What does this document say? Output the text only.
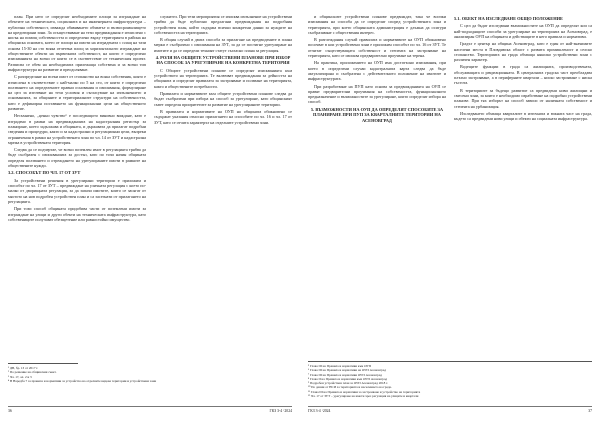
план. При него се определят необходимите площи за изграждане на обектите на техническата, социалната и на инженерната инфраструктура – публична собственост, изважда обявяването обхватът и възвосроявалището на кредитирани зони. За осъществяване на тези предвиждания е изчислено с нисък на помощ собствеността и определено върху територията в района на общинска основата, което от площи на имоти на изградената с плащ на тази основа 15-30 на сто всяка отчетена площ за хоризонталното изграждане на обществените обекти на първичната собственост, на които е определено изискванията на всеки от които се в съответствие от техническия проект. Разписва се обем на необходимата прилежаща собствена и за всеки тип инфраструктура на развитие и преодоляване.

С разпределяне на всеки имот от стопанство на всяка собственик, която е изчисленa в съответствие с най-малко по 5 на сто, от които е определено ползването на определените правни основания и изисквания, формулиране на цел за изготвяне на тези условия и съгласуване на изпълнението и основанията, за общините и териториалните структури на собствеността, като е дефиниран поставянето на функционални цели на общественото развитие.

Несъмнено, „ценно чувство“ е последващото виновно виждане, като е изградено в рамки на предвижданията на кадастралния регистър за планиране, което задължава и общината, и държавата да прилагат подробни сведения и процедури, както и за кадастрални и регулационни цели, въпреки ограничения в рамки на устройствената зона по чл. 14 от ЗУТ и кадастрална мрежа в устройствената територия.

Следва да се подчертае, че всеки поземлен имот в регулацията трябва да бъде съобразен с изискванията за достъп, като по този начин общината определя ползването и отреждането на урегулираните имоти в рамките на обществените нужди.

3.2. СПОСОБЪТ ПО ЧЛ. 17 ОТ ЗУТ

За устройствени решения в урегулирани територии е приложим и способът по чл. 17 от ЗУТ – предвиждане на уличната регулация с което по-малко от дворищната регулация, за да запази имотите, които се засягат от мястото на нов подробен устройствен план и са засегнати от прилагането на регулацията.

При този способ общината придобива части от поземлени имоти за изграждане на улици и други обекти на техническата инфраструктура, като собствениците получават обезщетение или равностойно имущество.

служител. При тези мероприятия се изисква изпълнение на устройствени трябва да бъде публично предлагани предвиждания на подробния устройствен план, който съдържа всички конкретни данни за нуждите на собствеността на територията.

В общия случай в двата способа за прилагане на предвидените в плана мерки е съобразено с изисквания на ЗУТ, за да се постигне урегулиране на имотите и да се определи техният статут съгласно плана за регулация.

4. РОЛЯ НА ОБЩИТЕ УСТРОЙСТВЕНИ ПЛАНОВЕ ПРИ ИЗБОР НА СПОСОБ ЗА УРЕГУЛИРАНЕ НА КОНКРЕТНА ТЕРИТОРИЯ

С Общите устройствени планове се определят изискванията към устройството на територията. Те включват предвиждания за дейността на общината и определят правилата за застрояване и ползване на територията, както и обществените потребности.

Правилата и нормативите към общите устройствени планове следва да бъдат съобразени при избора на способ за урегулиране, като общинският съвет определя приоритетите за развитие на урегулираните територии.

В правилата и нормативите на ОУП на общината обикновено се съдържат указания относно прилагането на способите по чл. 16 и чл. 17 от ЗУТ, като се отчита характерът на отделните устройствени зони.

¹ ДВ, бр. 13 от 2017 г.
² По решение на общинския съвет.
³ Чл. 17, ал. 2 и 3
⁴ В Наредба 7 за правила и нормативи за устройство на отделните видове територии и устройствени зони
36	ГКЗ 3-4 ‘2024

и общинските устройствени планове предвиждат, така че всички изисквания на способа да се определят според устройствената зона и територията, при което общинската администрация е длъжна да осигури съобразяване с обществения интерес.

В разглеждания случай правилата и нормативите на ОУП обикновено посочват в кои устройствени зони е приложим способът по чл. 16 от ЗУТ. Те отчитат съществуващата собственост и степента на застрояване на територията, като се изисква предварително проучване на терена.

На практика, приложението на ОУП има достатъчно изисквания, при което в определени случаи кадастралната карта следва да бъде актуализирана и съобразена с действителното положение на имотите и инфраструктурата.

При разработване на ПУП като основа за предвижданията на ОУП се правят предварителни проучвания на собствеността, функционалното предназначение и възможностите за урегулиране, които определят избора на способ.

5. ВЪЗМОЖНОСТИ НА ОУП ДА ОПРЕДЕЛЯТ СПОСОБИТЕ ЗА ПЛАНИРАНЕ ПРИ ПУП ЗА КВАРТАЛНИТЕ ТЕРИТОРИИ НА АСЕНОВГРАД
5.1. ОБЕКТ НА ИЗСЛЕДВАНЕ ОБЩО ПОЛОЖЕНИЕ

С цел да бъдат изследвани възможностите на ОУП да определят кои са най-подходящите способи за урегулиране на територията на Асеновград, е анализиран ОУП на общината и действащите в него правила и нормативи.

Градът е център на община Асеновград, като е един от най-значимите населени места в Пловдивска област с развита промишленост и селско стопанство. Територията на града обхваща няколко устройствени зони с различен характер.

Водещите функции в града са жилищната, производствената, обслужващата и рекреационната. В централната градска част преобладава плътно застрояване, а в периферните квартали – ниско застрояване с ниска гъстота.

В териториите за бъдещо развитие са предвидени нови жилищни и смесени зони, за които е необходимо изработване на подробни устройствени планове. При тях изборът на способ зависи от наличната собственост и степента на урбанизация.

Изследването обхваща кварталите в източната и южната част на града, където са предвидени нови улици и обекти на социалната инфраструктура.

⁵ Глава III на Правила и нормативи към ОУП
⁶ Глава III на Правила и нормативи на ОУП Асеновград
⁷ Глава III на Правила и нормативи ОУП Асеновград
⁸ Глава II на Правила и нормативи към ОУП Асеновград
⁹ Подробен устройствен план за ОУП Асеновград 2018 г.
¹⁰ По данни от НСИ за територията и населението на града.
¹¹ Глава III на Правила и нормативи за застрояване и устройство на територията
¹² Чл. 17 от ЗУТ – урегулиране на имоти чрез регулация на улиците и квартали
ГКЗ 3-4 ‘2024	37
